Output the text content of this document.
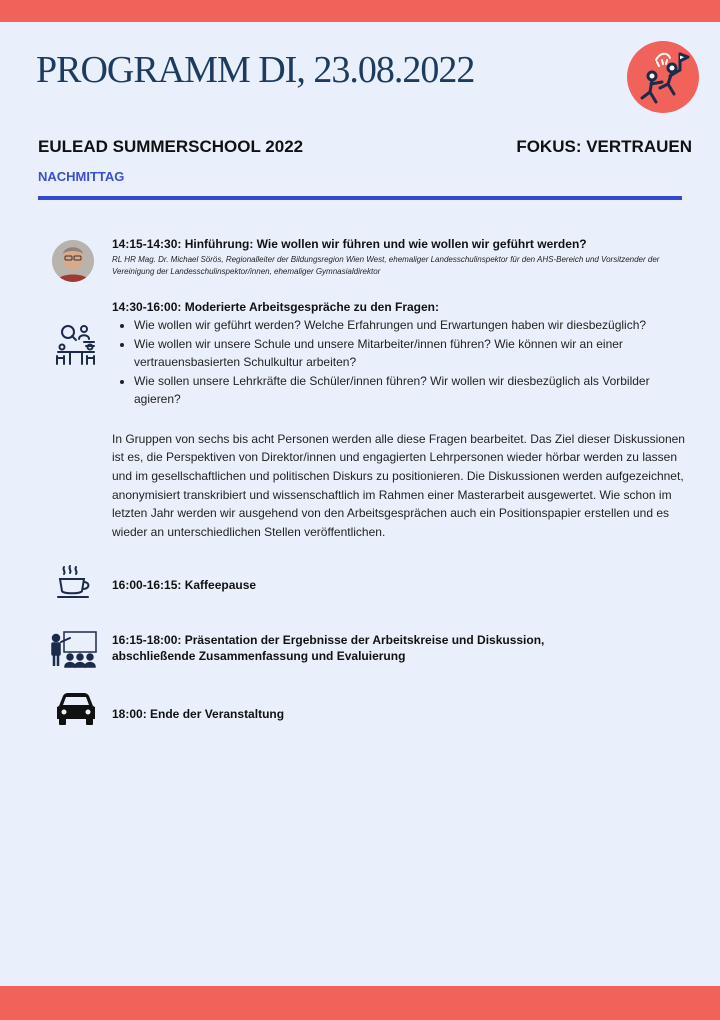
PROGRAMM DI, 23.08.2022
EULEAD SUMMERSCHOOL 2022	FOKUS: VERTRAUEN
NACHMITTAG
14:15-14:30: Hinführung: Wie wollen wir führen und wie wollen wir geführt werden?
RL HR Mag. Dr. Michael Sörös, Regionalleiter der Bildungsregion Wien West, ehemaliger Landesschulinspektor für den AHS-Bereich und Vorsitzender der Vereinigung der Landesschulinspektor/innen, ehemaliger Gymnasialdirektor
14:30-16:00: Moderierte Arbeitsgespräche zu den Fragen:
• Wie wollen wir geführt werden? Welche Erfahrungen und Erwartungen haben wir diesbezüglich?
• Wie wollen wir unsere Schule und unsere Mitarbeiter/innen führen? Wie können wir an einer vertrauensbasierten Schulkultur arbeiten?
• Wie sollen unsere Lehrkräfte die Schüler/innen führen? Wir wollen wir diesbezüglich als Vorbilder agieren?
In Gruppen von sechs bis acht Personen werden alle diese Fragen bearbeitet. Das Ziel dieser Diskussionen ist es, die Perspektiven von Direktor/innen und engagierten Lehrpersonen wieder hörbar werden zu lassen und im gesellschaftlichen und politischen Diskurs zu positionieren. Die Diskussionen werden aufgezeichnet, anonymisiert transkribiert und wissenschaftlich im Rahmen einer Masterarbeit ausgewertet. Wie schon im letzten Jahr werden wir ausgehend von den Arbeitsgesprächen auch ein Positionspapier erstellen und es wieder an unterschiedlichen Stellen veröffentlichen.
16:00-16:15: Kaffeepause
16:15-18:00: Präsentation der Ergebnisse der Arbeitskreise und Diskussion, abschließende Zusammenfassung und Evaluierung
18:00: Ende der Veranstaltung
